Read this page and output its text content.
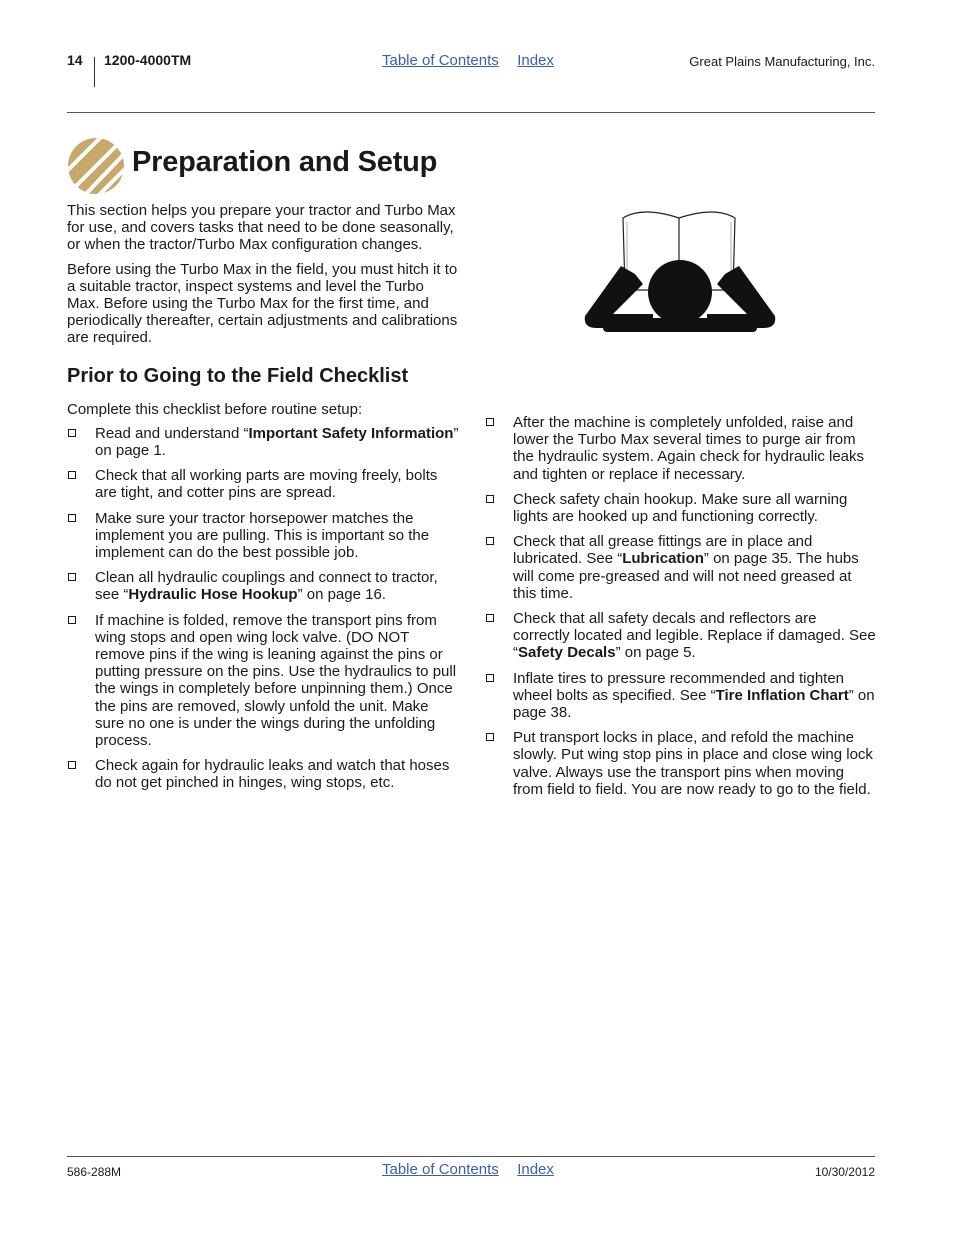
14 1200-4000TM	Table of Contents Index	Great Plains Manufacturing, Inc.
Preparation and Setup

This section helps you prepare your tractor and Turbo Max for use, and covers tasks that need to be done seasonally, or when the tractor/Turbo Max configuration changes.

Before using the Turbo Max in the field, you must hitch it to a suitable tractor, inspect systems and level the Turbo Max. Before using the Turbo Max for the first time, and periodically thereafter, certain adjustments and calibrations are required.

Prior to Going to the Field Checklist

Complete this checklist before routine setup:

Read and understand “Important Safety Information” on page 1.
Check that all working parts are moving freely, bolts are tight, and cotter pins are spread.
Make sure your tractor horsepower matches the implement you are pulling. This is important so the implement can do the best possible job.
Clean all hydraulic couplings and connect to tractor, see “Hydraulic Hose Hookup” on page 16.
If machine is folded, remove the transport pins from wing stops and open wing lock valve. (DO NOT remove pins if the wing is leaning against the pins or putting pressure on the pins. Use the hydraulics to pull the wings in completely before unpinning them.) Once the pins are removed, slowly unfold the unit. Make sure no one is under the wings during the unfolding process.
Check again for hydraulic leaks and watch that hoses do not get pinched in hinges, wing stops, etc.
After the machine is completely unfolded, raise and lower the Turbo Max several times to purge air from the hydraulic system. Again check for hydraulic leaks and tighten or replace if necessary.
Check safety chain hookup. Make sure all warning lights are hooked up and functioning correctly.
Check that all grease fittings are in place and lubricated. See “Lubrication” on page 35. The hubs will come pre-greased and will not need greased at this time.
Check that all safety decals and reflectors are correctly located and legible. Replace if damaged. See “Safety Decals” on page 5.
Inflate tires to pressure recommended and tighten wheel bolts as specified. See “Tire Inflation Chart” on page 38.
Put transport locks in place, and refold the machine slowly. Put wing stop pins in place and close wing lock valve. Always use the transport pins when moving from field to field. You are now ready to go to the field.
586-288M	Table of Contents Index	10/30/2012
